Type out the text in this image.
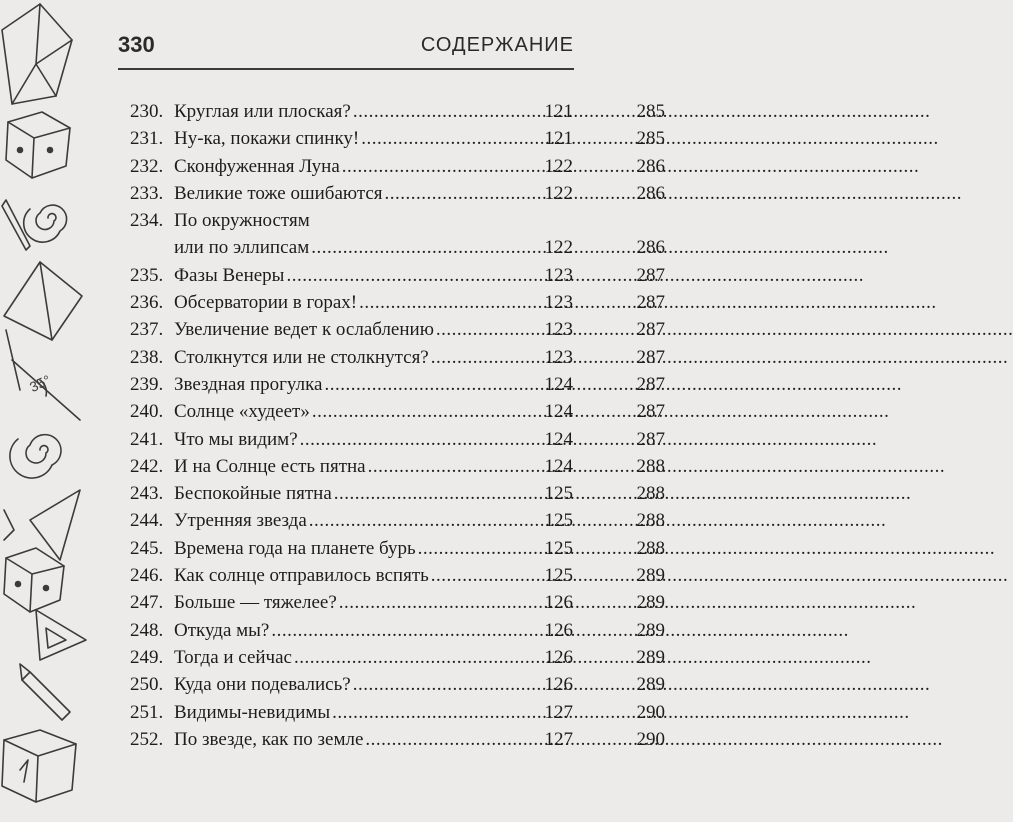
35°
330	СОДЕРЖАНИЕ
230. Круглая или плоская? .....	121	285
231. Ну-ка, покажи спинку! .....	121	285
232. Сконфуженная Луна .....	122	286
233. Великие тоже ошибаются .....	122	286
234. По окружностям
или по эллипсам .....	122	286
235. Фазы Венеры .....	123	287
236. Обсерватории в горах! .....	123	287
237. Увеличение ведет к ослаблению .....	123	287
238. Столкнутся или не столкнутся? .....	123	287
239. Звездная прогулка .....	124	287
240. Солнце «худеет» .....	124	287
241. Что мы видим? .....	124	287
242. И на Солнце есть пятна .....	124	288
243. Беспокойные пятна .....	125	288
244. Утренняя звезда .....	125	288
245. Времена года на планете бурь .....	125	288
246. Как солнце отправилось вспять .....	125	289
247. Больше — тяжелее? .....	126	289
248. Откуда мы? .....	126	289
249. Тогда и сейчас .....	126	289
250. Куда они подевались? .....	126	289
251. Видимы-невидимы .....	127	290
252. По звезде, как по земле .....	127	290
